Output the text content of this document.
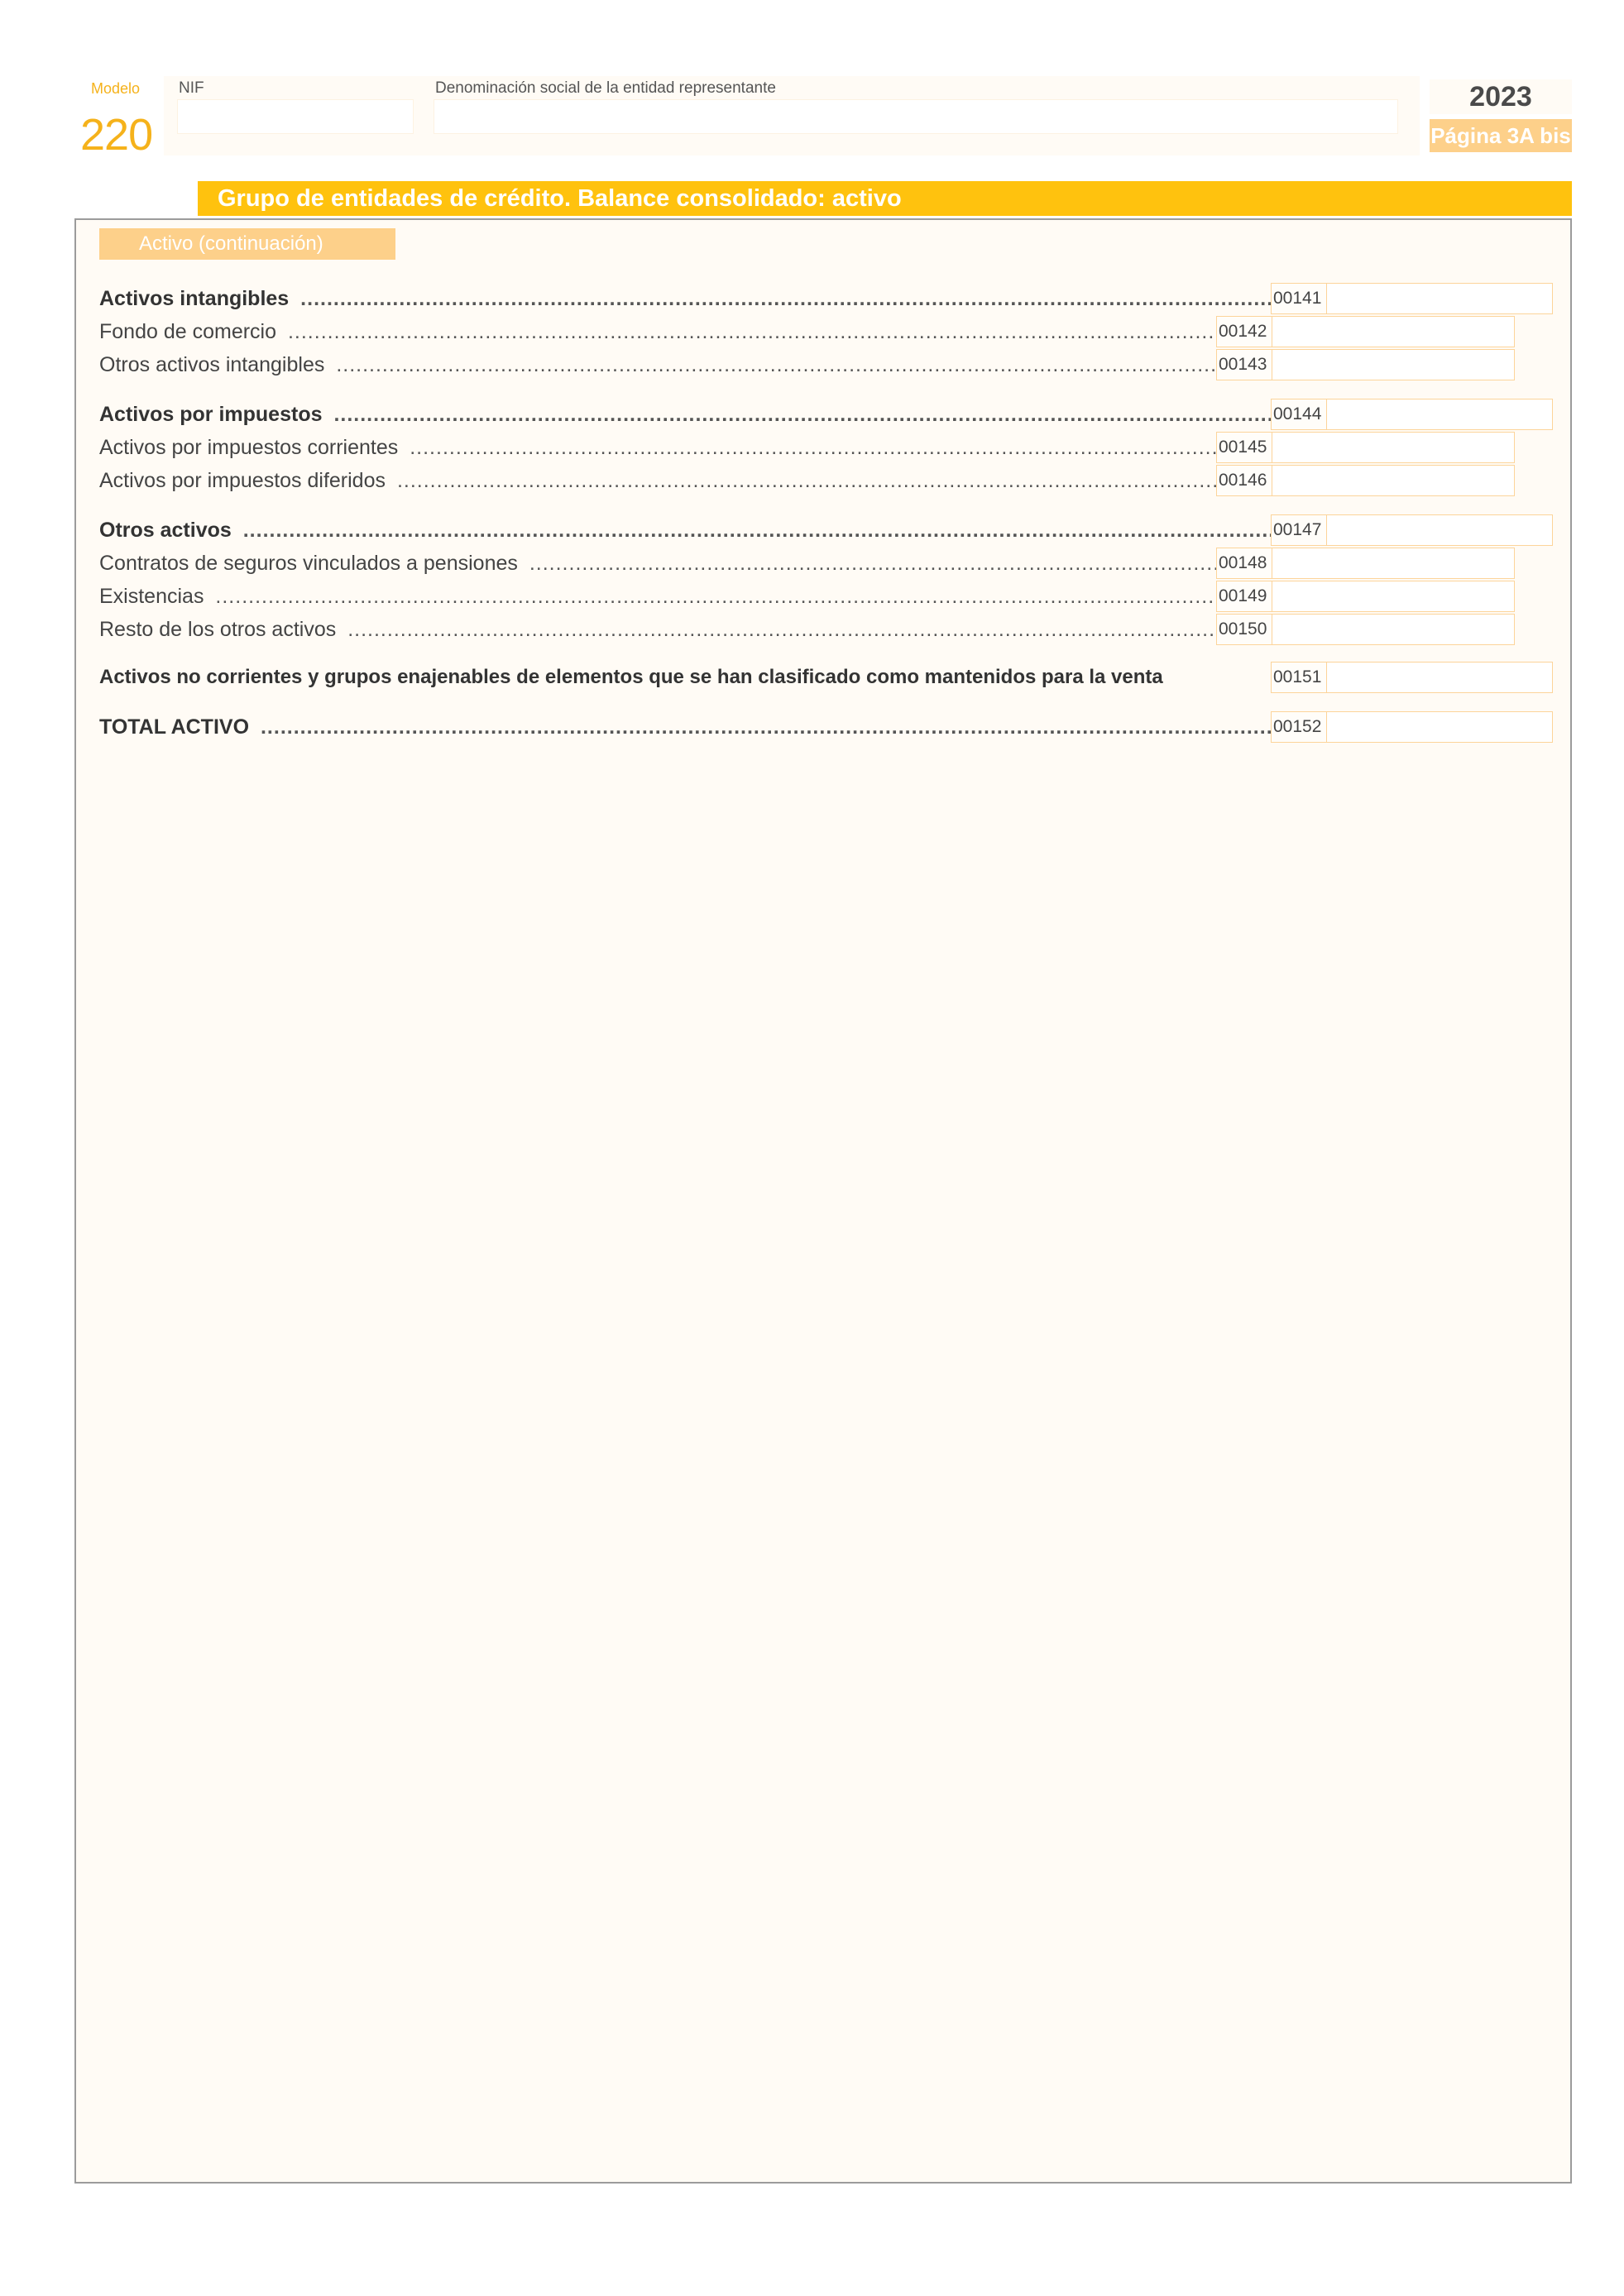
Modelo
220
NIF	Denominación social de la entidad representante	2023
Página 3A bis
Grupo de entidades de crédito. Balance consolidado: activo
Activo (continuación)
Activos intangibles .....	00141
Fondo de comercio .....	00142
Otros activos intangibles .....	00143
Activos por impuestos .....	00144
Activos por impuestos corrientes .....	00145
Activos por impuestos diferidos .....	00146
Otros activos .....	00147
Contratos de seguros vinculados a pensiones .....	00148
Existencias .....	00149
Resto de los otros activos .....	00150
Activos no corrientes y grupos enajenables de elementos que se han clasificado como mantenidos para la venta	00151
TOTAL ACTIVO .....	00152
